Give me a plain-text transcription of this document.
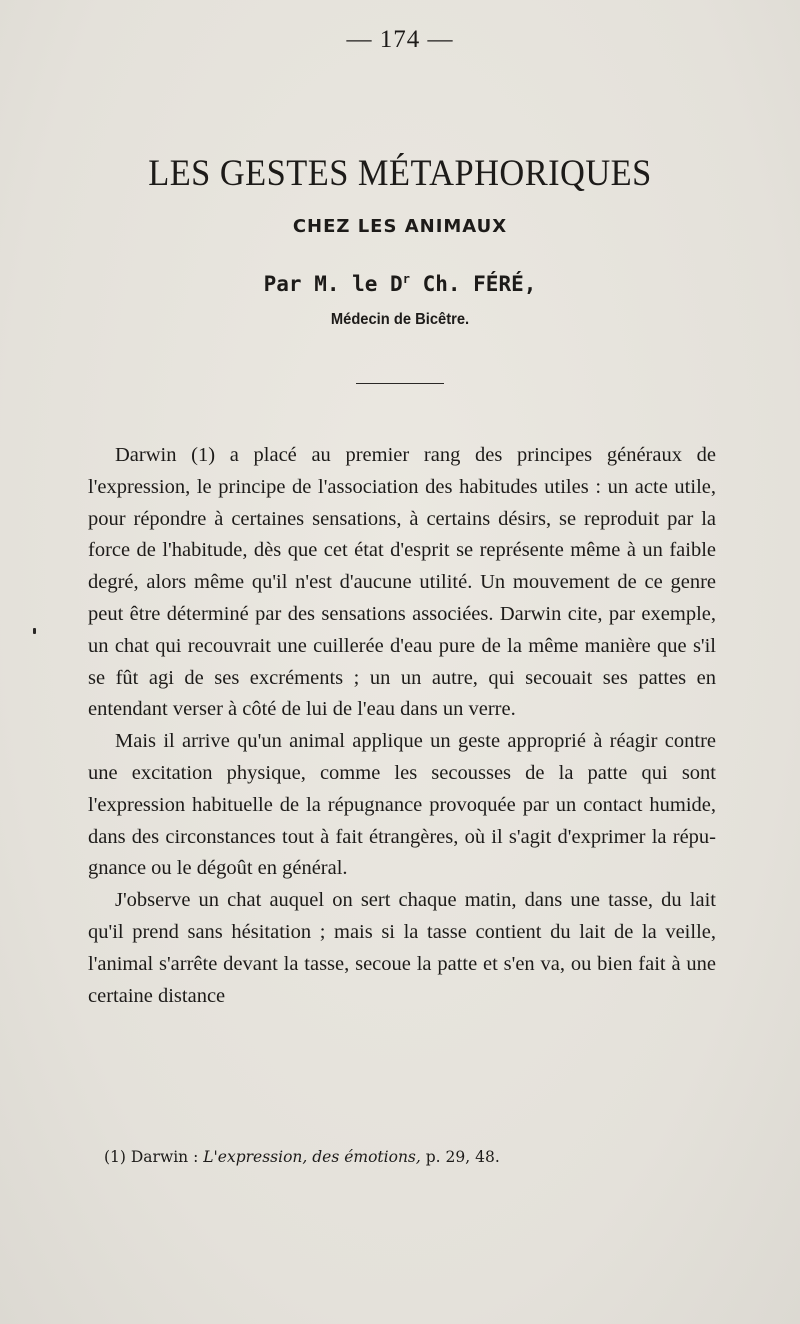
— 174 —
LES GESTES MÉTAPHORIQUES
CHEZ LES ANIMAUX
Par M. le $D^r$ Ch. FÉRÉ,
Médecin de Bicêtre.

Darwin (1) a placé au premier rang des principes généraux de l'expression, le principe de l'association des habitudes utiles : un acte utile, pour répondre à certaines sensations, à certains désirs, se reproduit par la force de l'habitude, dès que cet état d'esprit se représente même à un faible degré, alors même qu'il n'est d'aucune utilité. Un mouvement de ce genre peut être déterminé par des sensations associées. Darwin cite, par exemple, un chat qui recouvrait une cuillerée d'eau pure de la même manière que s'il se fût agi de ses excréments ; un un autre, qui secouait ses pattes en entendant verser à côté de lui de l'eau dans un verre.

Mais il arrive qu'un animal applique un geste approprié à réagir contre une excitation physique, comme les secousses de la patte qui sont l'expression habituelle de la répugnance provoquée par un contact humide, dans des circonstances tout à fait étrangères, où il s'agit d'exprimer la répugnance ou le dégoût en général.

J'observe un chat auquel on sert chaque matin, dans une tasse, du lait qu'il prend sans hésitation ; mais si la tasse contient du lait de la veille, l'animal s'arrête devant la tasse, secoue la patte et s'en va, ou bien fait à une certaine distance

(1) Darwin : L'expression, des émotions, p. 29, 48.
